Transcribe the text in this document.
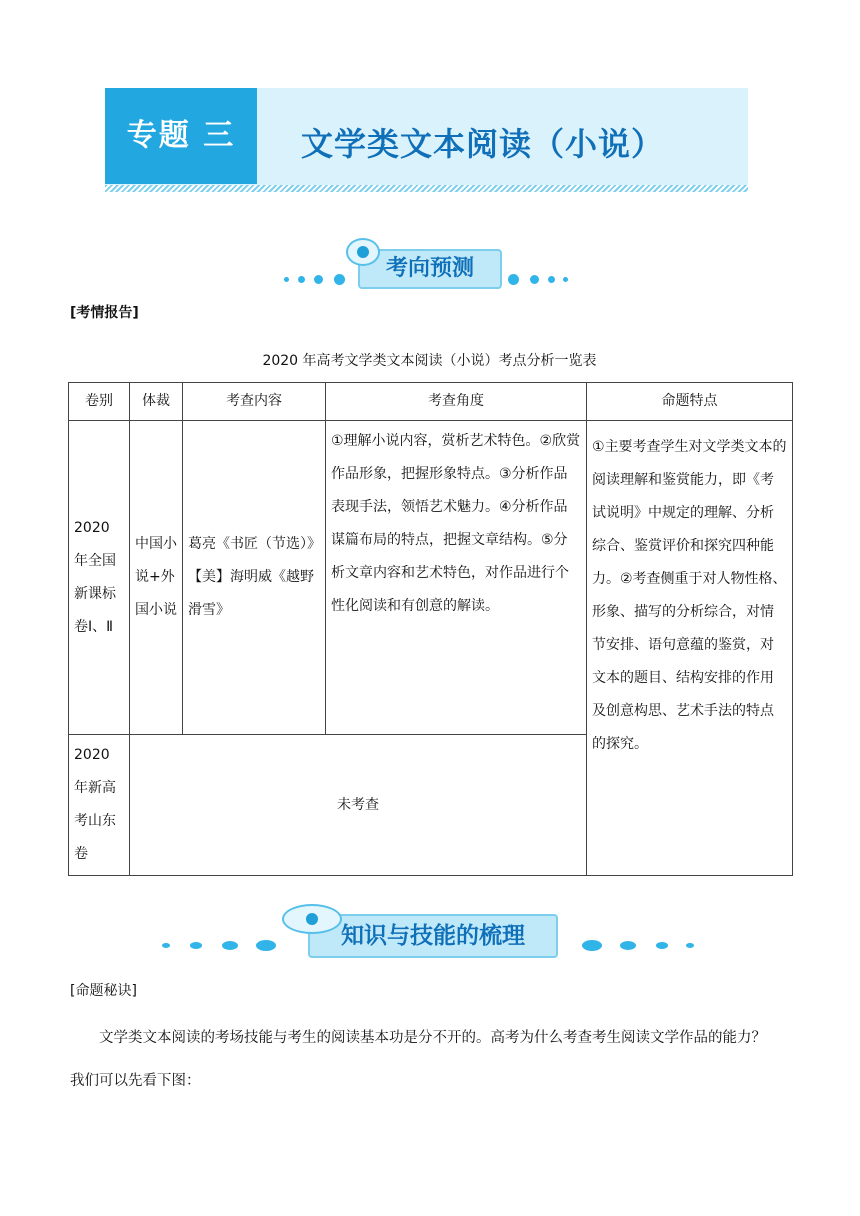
专题 三	文学类文本阅读（小说）
考向预测
[考情报告]
2020 年高考文学类文本阅读（小说）考点分析一览表
卷别	体裁	考查内容	考查角度	命题特点
2020 年全国新课标卷Ⅰ、Ⅱ	中国小说+外国小说	葛亮《书匠（节选）》【美】海明威《越野滑雪》	①理解小说内容，赏析艺术特色。②欣赏作品形象，把握形象特点。③分析作品表现手法，领悟艺术魅力。④分析作品谋篇布局的特点，把握文章结构。⑤分析文章内容和艺术特色，对作品进行个性化阅读和有创意的解读。	①主要考查学生对文学类文本的阅读理解和鉴赏能力，即《考试说明》中规定的理解、分析综合、鉴赏评价和探究四种能力。②考查侧重于对人物性格、形象、描写的分析综合，对情节安排、语句意蕴的鉴赏，对文本的题目、结构安排的作用及创意构思、艺术手法的特点的探究。
2020 年新高考山东卷	未考查			
知识与技能的梳理
[命题秘诀]
文学类文本阅读的考场技能与考生的阅读基本功是分不开的。高考为什么考查考生阅读文学作品的能力？
我们可以先看下图：
